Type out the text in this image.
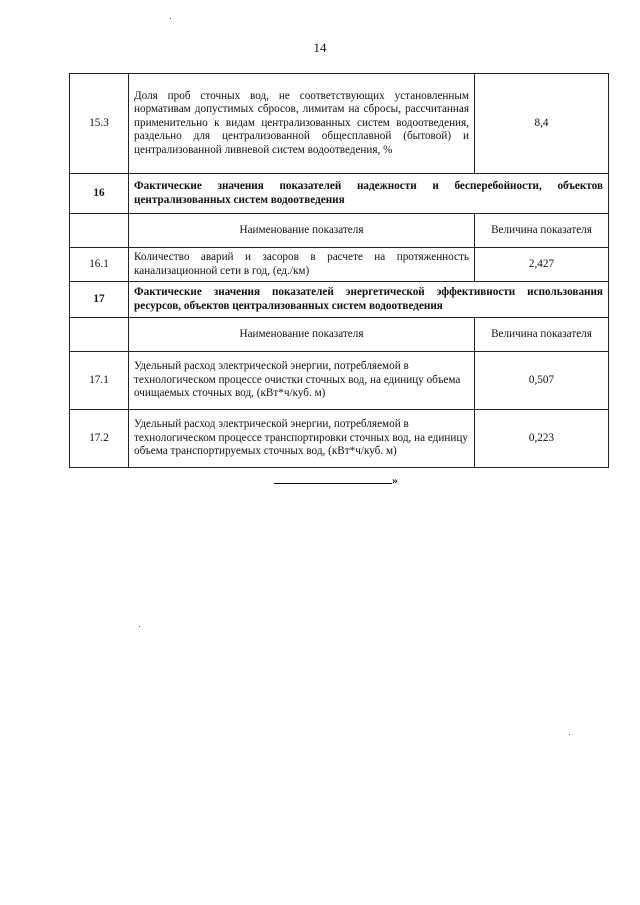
14
15.3	Доля проб сточных вод, не соответствующих установленным нормативам допустимых сбросов, лимитам на сбросы, рассчитанная применительно к видам централизованных систем водоотведения, раздельно для централизованной общесплавной (бытовой) и централизованной ливневой систем водоотведения, %	8,4
16	Фактические значения показателей надежности и бесперебойности, объектов централизованных систем водоотведения	
	Наименование показателя	Величина показателя
16.1	Количество аварий и засоров в расчете на протяженность канализационной сети в год, (ед./км)	2,427
17	Фактические значения показателей энергетической эффективности использования ресурсов, объектов централизованных систем водоотведения	
	Наименование показателя	Величина показателя
17.1	Удельный расход электрической энергии, потребляемой в технологическом процессе очистки сточных вод, на единицу объема очищаемых сточных вод, (кВт*ч/куб. м)	0,507
17.2	Удельный расход электрической энергии, потребляемой в технологическом процессе транспортировки сточных вод, на единицу объема транспортируемых сточных вод, (кВт*ч/куб. м)	0,223
»
